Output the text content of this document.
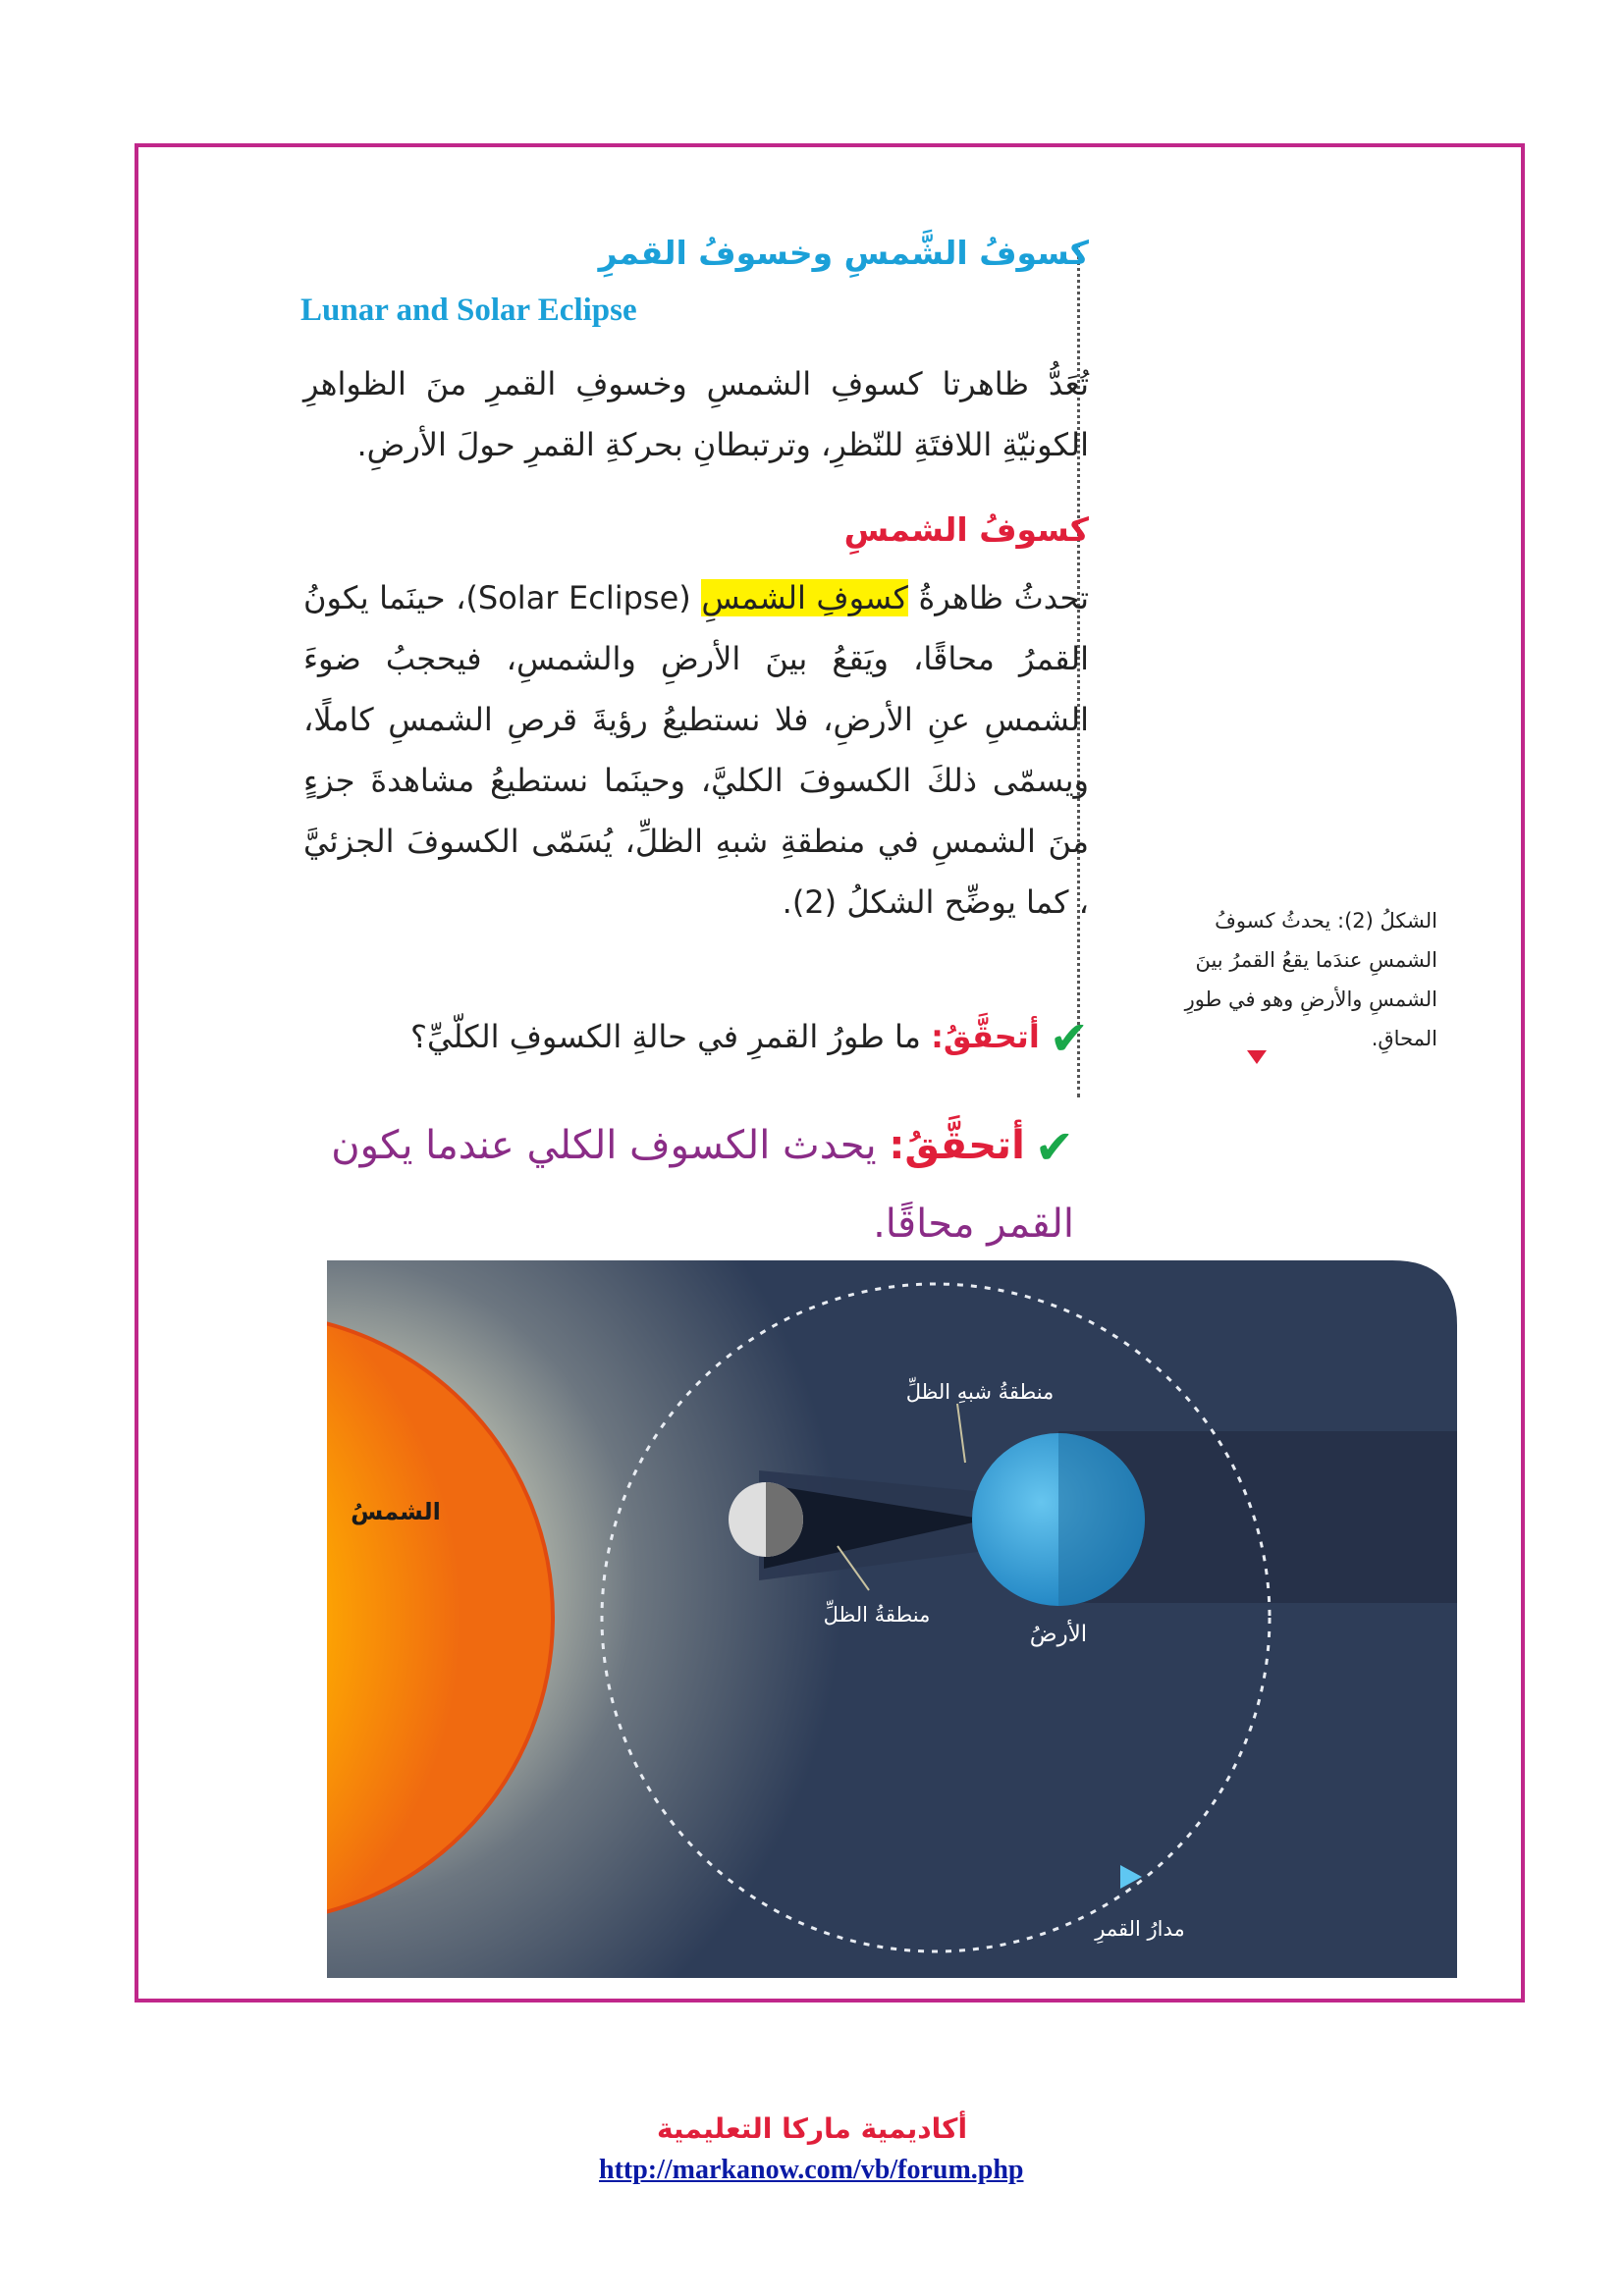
كسوفُ الشَّمسِ وخسوفُ القمرِ
Lunar and Solar Eclipse
تُعَدُّ ظاهرتا كسوفِ الشمسِ وخسوفِ القمرِ منَ الظواهرِ الكونيّةِ اللافتَةِ للنّظرِ، وترتبطانِ بحركةِ القمرِ حولَ الأرضِ.
كسوفُ الشمسِ
تحدثُ ظاهرةُ كسوفِ الشمسِ (Solar Eclipse)، حينَما يكونُ القمرُ محاقًا، ويَقعُ بينَ الأرضِ والشمسِ، فيحجبُ ضوءَ الشمسِ عنِ الأرضِ، فلا نستطيعُ رؤيةَ قرصِ الشمسِ كاملًا، ويسمّى ذلكَ الكسوفَ الكليَّ، وحينَما نستطيعُ مشاهدةَ جزءٍ منَ الشمسِ في منطقةِ شبهِ الظلِّ، يُسَمّى الكسوفَ الجزئيَّ ، كما يوضِّح الشكلُ (2).
✔أتحقَّقُ: ما طورُ القمرِ في حالةِ الكسوفِ الكلّيِّ؟
✔أتحقَّقُ: يحدث الكسوف الكلي عندما يكون القمر محاقًا.
الشكلُ (2): يحدثُ كسوفُ الشمسِ عندَما يقعُ القمرُ بينَ الشمسِ والأرضِ وهو في طورِ المحاقِ.
الشمسُ
منطقةُ شبهِ الظلِّ
منطقةُ الظلِّ
الأرضُ
مدارُ القمرِ
أكاديمية ماركا التعليمية
http://markanow.com/vb/forum.php
